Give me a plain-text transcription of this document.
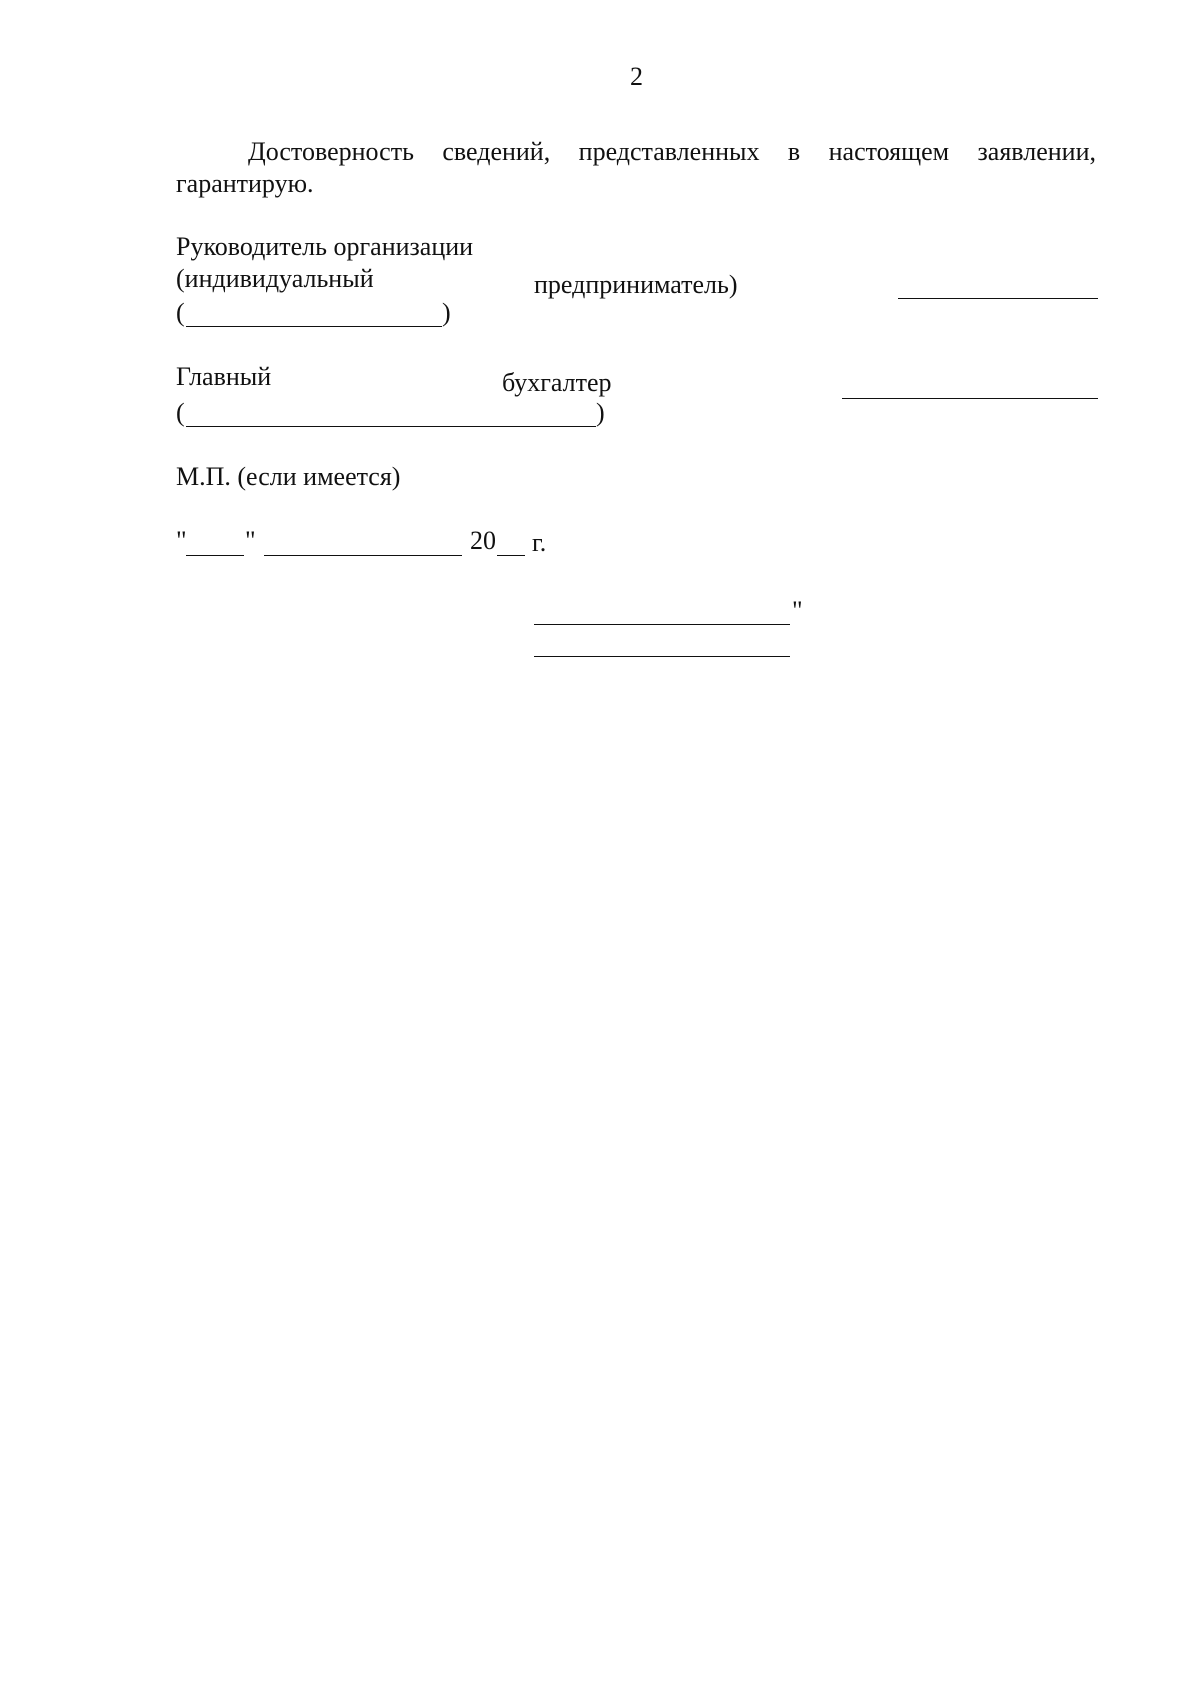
2
Достоверность сведений, представленных в настоящем заявлении,
гарантирую.
Руководитель организации
(индивидуальный	предприниматель)
(	)
Главный	бухгалтер
(	)
М.П. (если имеется)
" "	20 г.
"
